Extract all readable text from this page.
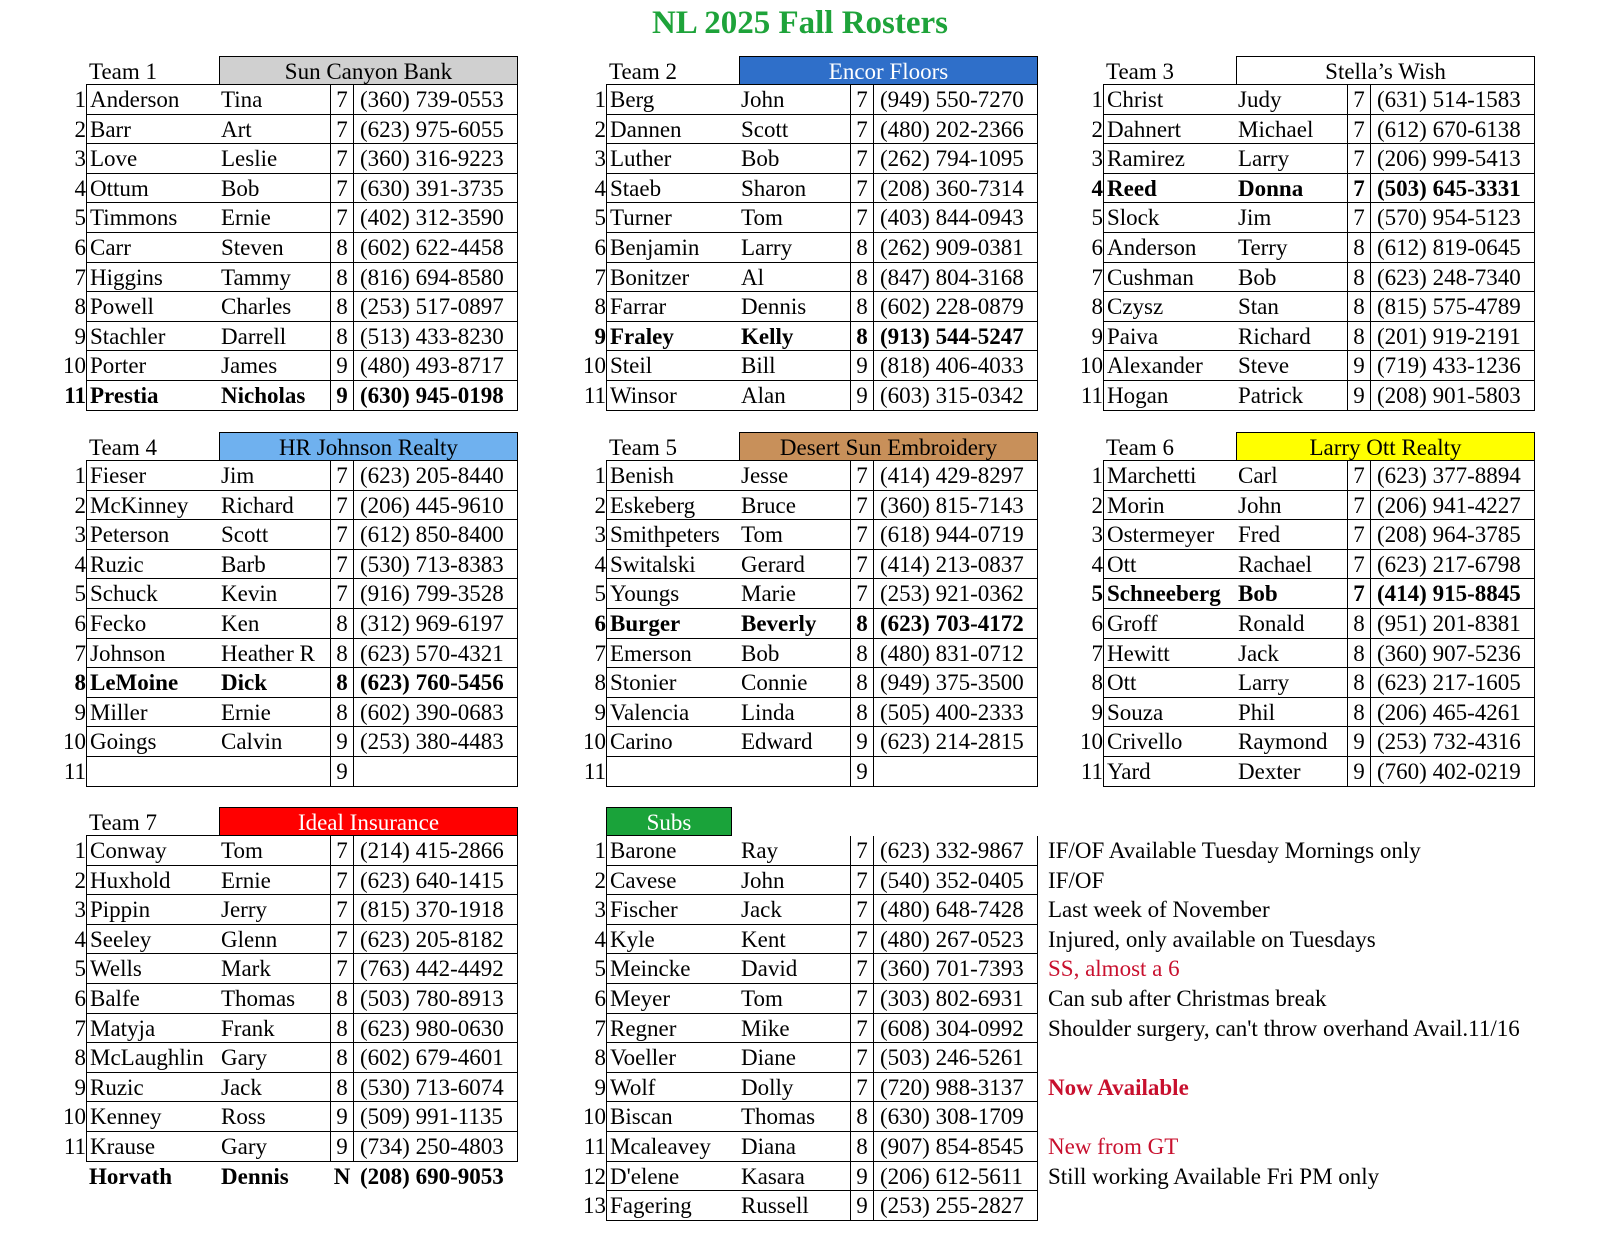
NL 2025 Fall Rosters
Team 1	Sun Canyon Bank
1 Anderson	Tina	7 (360) 739-0553
2 Barr	Art	7 (623) 975-6055
3 Love	Leslie	7 (360) 316-9223
4 Ottum	Bob	7 (630) 391-3735
5 Timmons	Ernie	7 (402) 312-3590
6 Carr	Steven	8 (602) 622-4458
7 Higgins	Tammy	8 (816) 694-8580
8 Powell	Charles	8 (253) 517-0897
9 Stachler	Darrell	8 (513) 433-8230
10 Porter	James	9 (480) 493-8717
11 Prestia	Nicholas	9 (630) 945-0198
Team 2	Encor Floors
1 Berg	John	7 (949) 550-7270
2 Dannen	Scott	7 (480) 202-2366
3 Luther	Bob	7 (262) 794-1095
4 Staeb	Sharon	7 (208) 360-7314
5 Turner	Tom	7 (403) 844-0943
6 Benjamin	Larry	8 (262) 909-0381
7 Bonitzer	Al	8 (847) 804-3168
8 Farrar	Dennis	8 (602) 228-0879
9 Fraley	Kelly	8 (913) 544-5247
10 Steil	Bill	9 (818) 406-4033
11 Winsor	Alan	9 (603) 315-0342
Team 3	Stella’s Wish
1 Christ	Judy	7 (631) 514-1583
2 Dahnert	Michael	7 (612) 670-6138
3 Ramirez	Larry	7 (206) 999-5413
4 Reed	Donna	7 (503) 645-3331
5 Slock	Jim	7 (570) 954-5123
6 Anderson	Terry	8 (612) 819-0645
7 Cushman	Bob	8 (623) 248-7340
8 Czysz	Stan	8 (815) 575-4789
9 Paiva	Richard	8 (201) 919-2191
10 Alexander	Steve	9 (719) 433-1236
11 Hogan	Patrick	9 (208) 901-5803
Team 4	HR Johnson Realty
1 Fieser	Jim	7 (623) 205-8440
2 McKinney	Richard	7 (206) 445-9610
3 Peterson	Scott	7 (612) 850-8400
4 Ruzic	Barb	7 (530) 713-8383
5 Schuck	Kevin	7 (916) 799-3528
6 Fecko	Ken	8 (312) 969-6197
7 Johnson	Heather R 8 (623) 570-4321
8 LeMoine	Dick	8 (623) 760-5456
9 Miller	Ernie	8 (602) 390-0683
10 Goings	Calvin	9 (253) 380-4483
11	9
Team 5	Desert Sun Embroidery
1 Benish	Jesse	7 (414) 429-8297
2 Eskeberg	Bruce	7 (360) 815-7143
3 Smithpeters Tom	7 (618) 944-0719
4 Switalski	Gerard	7 (414) 213-0837
5 Youngs	Marie	7 (253) 921-0362
6 Burger	Beverly	8 (623) 703-4172
7 Emerson	Bob	8 (480) 831-0712
8 Stonier	Connie	8 (949) 375-3500
9 Valencia	Linda	8 (505) 400-2333
10 Carino	Edward	9 (623) 214-2815
11	9
Team 6	Larry Ott Realty
1 Marchetti	Carl	7 (623) 377-8894
2 Morin	John	7 (206) 941-4227
3 Ostermeyer	Fred	7 (208) 964-3785
4 Ott	Rachael	7 (623) 217-6798
5 Schneeberg Bob	7 (414) 915-8845
6 Groff	Ronald	8 (951) 201-8381
7 Hewitt	Jack	8 (360) 907-5236
8 Ott	Larry	8 (623) 217-1605
9 Souza	Phil	8 (206) 465-4261
10 Crivello	Raymond	9 (253) 732-4316
11 Yard	Dexter	9 (760) 402-0219
Team 7	Ideal Insurance
1 Conway	Tom	7 (214) 415-2866
2 Huxhold	Ernie	7 (623) 640-1415
3 Pippin	Jerry	7 (815) 370-1918
4 Seeley	Glenn	7 (623) 205-8182
5 Wells	Mark	7 (763) 442-4492
6 Balfe	Thomas	8 (503) 780-8913
7 Matyja	Frank	8 (623) 980-0630
8 McLaughlin Gary	8 (602) 679-4601
9 Ruzic	Jack	8 (530) 713-6074
10 Kenney	Ross	9 (509) 991-1135
11 Krause	Gary	9 (734) 250-4803
Horvath Dennis N (208) 690-9053
Subs
1 Barone	Ray	7 (623) 332-9867	IF/OF Available Tuesday Mornings only
2 Cavese	John	7 (540) 352-0405	IF/OF
3 Fischer	Jack	7 (480) 648-7428	Last week of November
4 Kyle	Kent	7 (480) 267-0523	Injured, only available on Tuesdays
5 Meincke	David	7 (360) 701-7393	SS, almost a 6
6 Meyer	Tom	7 (303) 802-6931	Can sub after Christmas break
7 Regner	Mike	7 (608) 304-0992	Shoulder surgery, can't throw overhand Avail.11/16
8 Voeller	Diane	7 (503) 246-5261
9 Wolf	Dolly	7 (720) 988-3137	Now Available
10 Biscan	Thomas	8 (630) 308-1709
11 Mcaleavey	Diana	8 (907) 854-8545	New from GT
12 D'elene	Kasara	9 (206) 612-5611	Still working Available Fri PM only
13 Fagering	Russell	9 (253) 255-2827
